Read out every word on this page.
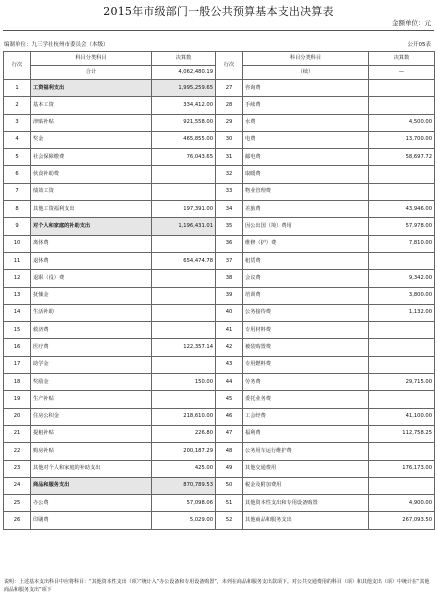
2015年市级部门一般公共预算基本支出决算表
金额单位：元
编制单位：九三学社杭州市委员会（本级）	公开05表
行次	科目分类科目	决算数	行次	科目分类科目	决算数
	合计	4,062,480.19		（续）	—
1	工资福利支出	1,995,259.65	27	咨询费	
2	基本工资	334,412.00	28	手续费	
3	津贴补贴	921,558.00	29	水费	4,500.00
4	奖金	465,855.00	30	电费	13,700.00
5	社会保障缴费	76,043.65	31	邮电费	58,697.72
6	伙食补助费		32	取暖费	
7	绩效工资		33	物业管理费	
8	其他工资福利支出	197,391.00	34	差旅费	43,946.00
9	对个人和家庭的补助支出	1,196,431.01	35	因公出国（境）费用	57,978.00
10	离休费		36	维修（护）费	7,810.00
11	退休费	654,474.78	37	租赁费	
12	退职（役）费		38	会议费	9,342.00
13	抚恤金		39	培训费	3,800.00
14	生活补助		40	公务接待费	1,132.00
15	救济费		41	专用材料费	
16	医疗费	122,357.14	42	被装购置费	
17	助学金		43	专用燃料费	
18	奖励金	150.00	44	劳务费	29,715.00
19	生产补贴		45	委托业务费	
20	住房公积金	218,610.00	46	工会经费	41,100.00
21	提租补贴	226.80	47	福利费	112,758.25
22	购房补贴	200,187.29	48	公务用车运行维护费	
23	其他对个人和家庭的补助支出	425.00	49	其他交通费用	176,173.00
24	商品和服务支出	870,789.53	50	税金及附加费用	
25	办公费	57,098.06	51	其他资本性支出和专用设备购置	4,900.00
26	印刷费	5,029.00	52	其他商品和服务支出	267,093.50
说明：上述基本支出科目中应将科目：“其他资本性支出（项）”统计入“办公设备和专用设备购置”，未列在商品和服务支出款项下。对公共交通费用的科目（项）和其他支出（项）中统计在“其他商品和服务支出”项下
